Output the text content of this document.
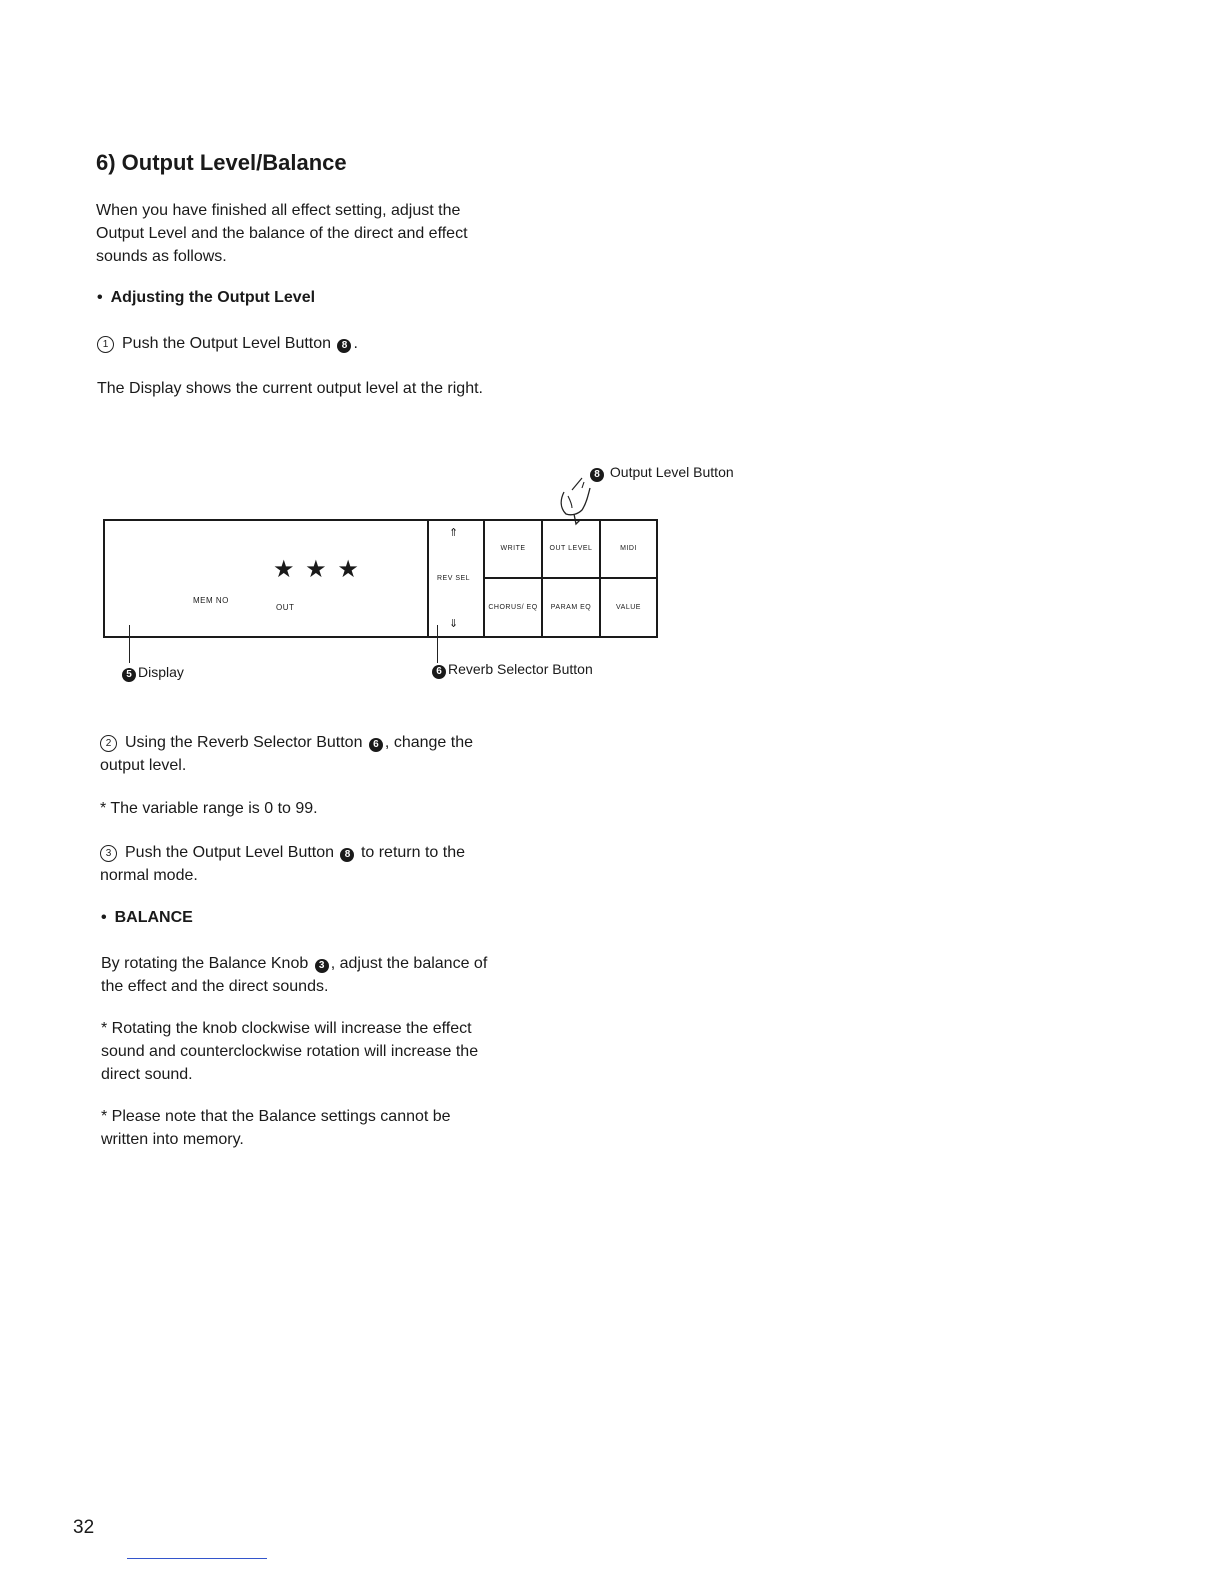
6) Output Level/Balance
When you have finished all effect setting, adjust the Output Level and the balance of the direct and effect sounds as follows.
• Adjusting the Output Level
1 Push the Output Level Button 8 .
The Display shows the current output level at the right.
8 Output Level Button
★ ★ ★
MEM NO
OUT
⇑
REV SEL
⇓
WRITE	OUT LEVEL	MIDI
CHORUS/ EQ	PARAM EQ	VALUE
5 Display	6 Reverb Selector Button
2 Using the Reverb Selector Button 6 , change the output level.
* The variable range is 0 to 99.
3 Push the Output Level Button 8 to return to the normal mode.
• BALANCE
By rotating the Balance Knob 3 , adjust the balance of the effect and the direct sounds.
* Rotating the knob clockwise will increase the effect sound and counterclockwise rotation will increase the direct sound.
* Please note that the Balance settings cannot be written into memory.
32
